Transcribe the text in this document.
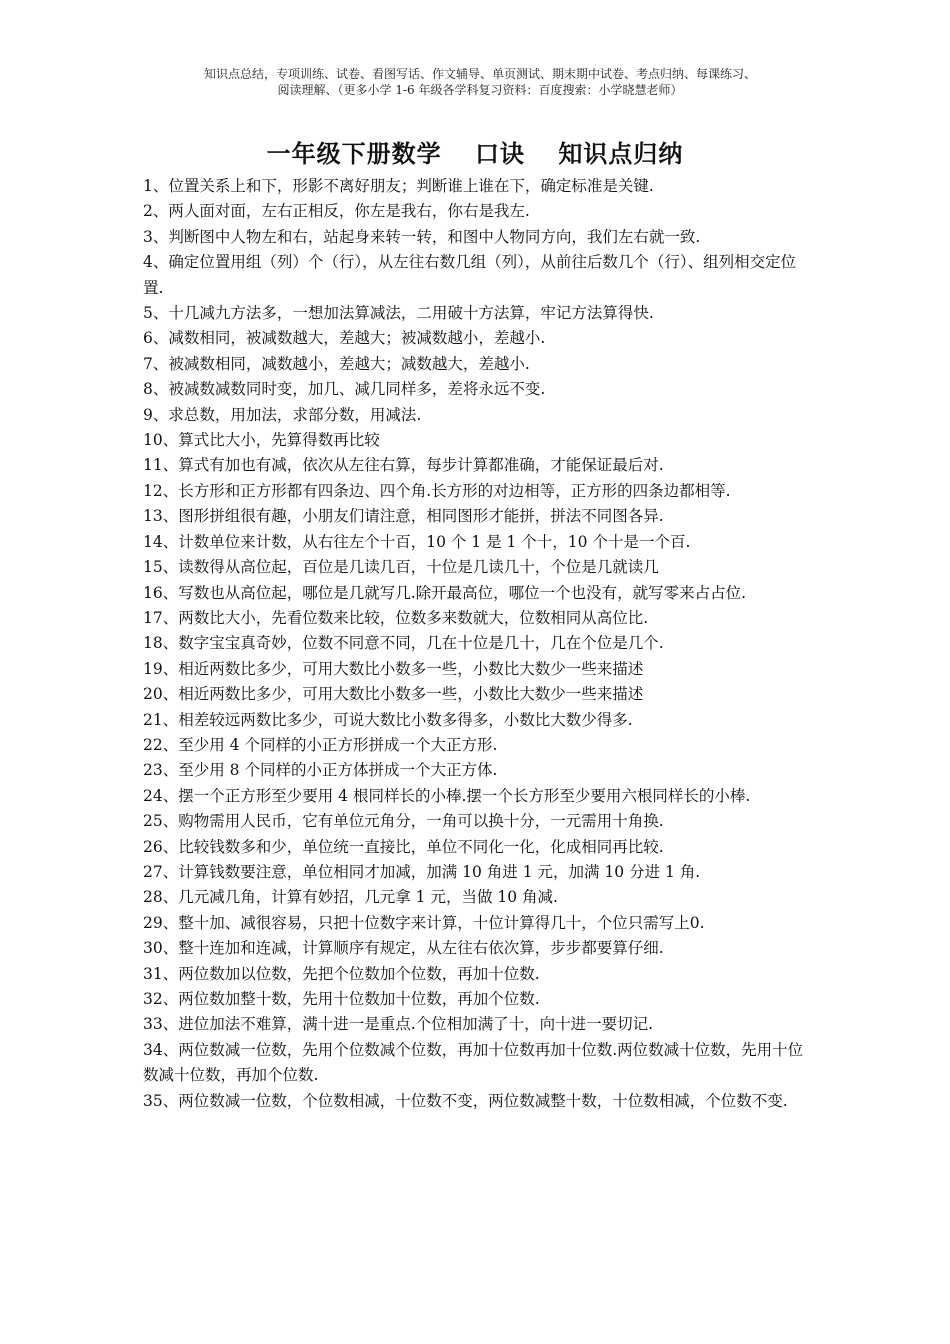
知识点总结，专项训练、试卷、看图写话、作文辅导、单页测试、期末期中试卷、考点归纳、每课练习、
阅读理解、（更多小学 1-6 年级各学科复习资料：百度搜索：小学晓慧老师）
一年级下册数学 口诀 知识点归纳
1、位置关系上和下，形影不离好朋友；判断谁上谁在下，确定标准是关键.
2、两人面对面，左右正相反，你左是我右，你右是我左.
3、判断图中人物左和右，站起身来转一转，和图中人物同方向，我们左右就一致.
4、确定位置用组（列）个（行），从左往右数几组（列），从前往后数几个（行）、组列相交定位置.
5、十几减九方法多，一想加法算减法，二用破十方法算，牢记方法算得快.
6、减数相同，被减数越大，差越大；被减数越小，差越小.
7、被减数相同，减数越小，差越大；减数越大，差越小.
8、被减数减数同时变，加几、减几同样多，差将永远不变.
9、求总数，用加法，求部分数，用减法.
10、算式比大小，先算得数再比较
11、算式有加也有减，依次从左往右算，每步计算都准确，才能保证最后对.
12、长方形和正方形都有四条边、四个角.长方形的对边相等，正方形的四条边都相等.
13、图形拼组很有趣，小朋友们请注意，相同图形才能拼，拼法不同图各异.
14、计数单位来计数，从右往左个十百，10 个 1 是 1 个十，10 个十是一个百.
15、读数得从高位起，百位是几读几百，十位是几读几十，个位是几就读几
16、写数也从高位起，哪位是几就写几.除开最高位，哪位一个也没有，就写零来占占位.
17、两数比大小，先看位数来比较，位数多来数就大，位数相同从高位比.
18、数字宝宝真奇妙，位数不同意不同，几在十位是几十，几在个位是几个.
19、相近两数比多少，可用大数比小数多一些，小数比大数少一些来描述
20、相近两数比多少，可用大数比小数多一些，小数比大数少一些来描述
21、相差较远两数比多少，可说大数比小数多得多，小数比大数少得多.
22、至少用 4 个同样的小正方形拼成一个大正方形.
23、至少用 8 个同样的小正方体拼成一个大正方体.
24、摆一个正方形至少要用 4 根同样长的小棒.摆一个长方形至少要用六根同样长的小棒.
25、购物需用人民币，它有单位元角分，一角可以换十分，一元需用十角换.
26、比较钱数多和少，单位统一直接比，单位不同化一化，化成相同再比较.
27、计算钱数要注意，单位相同才加减，加满 10 角进 1 元，加满 10 分进 1 角.
28、几元减几角，计算有妙招，几元拿 1 元，当做 10 角减.
29、整十加、减很容易，只把十位数字来计算，十位计算得几十，个位只需写上0.
30、整十连加和连减，计算顺序有规定，从左往右依次算，步步都要算仔细.
31、两位数加以位数，先把个位数加个位数，再加十位数.
32、两位数加整十数，先用十位数加十位数，再加个位数.
33、进位加法不难算，满十进一是重点.个位相加满了十，向十进一要切记.
34、两位数减一位数，先用个位数减个位数，再加十位数再加十位数.两位数减十位数，先用十位数减十位数，再加个位数.
35、两位数减一位数，个位数相减，十位数不变，两位数减整十数，十位数相减，个位数不变.
